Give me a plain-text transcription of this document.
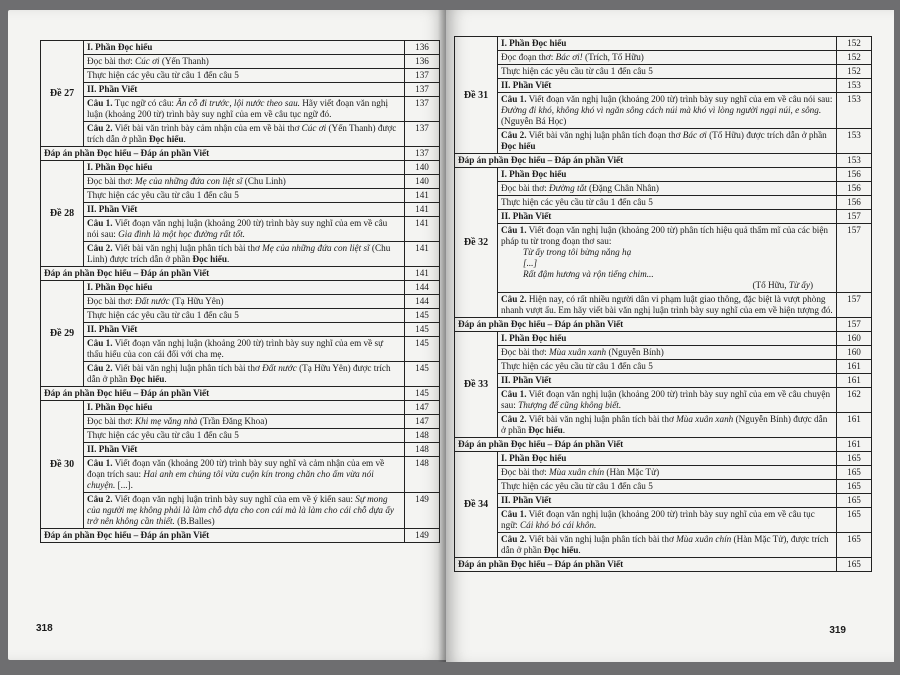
Đề 27	I. Phần Đọc hiểu	136
	Đọc bài thơ: Cúc ơi (Yến Thanh)	136
	Thực hiện các yêu cầu từ câu 1 đến câu 5	137
	II. Phần Viết	137
	Câu 1. Tục ngữ có câu: Ăn cỗ đi trước, lội nước theo sau. Hãy viết đoạn văn nghị luận (khoảng 200 từ) trình bày suy nghĩ của em về câu tục ngữ đó.	137
	Câu 2. Viết bài văn trình bày cảm nhận của em về bài thơ Cúc ơi (Yến Thanh) được trích dẫn ở phần Đọc hiểu.	137
Đáp án phần Đọc hiểu – Đáp án phần Viết		137
Đề 28	I. Phần Đọc hiểu	140
	Đọc bài thơ: Mẹ của những đứa con liệt sĩ (Chu Linh)	140
	Thực hiện các yêu cầu từ câu 1 đến câu 5	141
	II. Phần Viết	141
	Câu 1. Viết đoạn văn nghị luận (khoảng 200 từ) trình bày suy nghĩ của em về câu nói sau: Gia đình là một học đường rất tốt.	141
	Câu 2. Viết bài văn nghị luận phân tích bài thơ Mẹ của những đứa con liệt sĩ (Chu Linh) được trích dẫn ở phần Đọc hiểu.	141
Đáp án phần Đọc hiểu – Đáp án phần Viết		141
Đề 29	I. Phần Đọc hiểu	144
	Đọc bài thơ: Đất nước (Tạ Hữu Yên)	144
	Thực hiện các yêu cầu từ câu 1 đến câu 5	145
	II. Phần Viết	145
	Câu 1. Viết đoạn văn nghị luận (khoảng 200 từ) trình bày suy nghĩ của em về sự thấu hiểu của con cái đối với cha mẹ.	145
	Câu 2. Viết bài văn nghị luận phân tích bài thơ Đất nước (Tạ Hữu Yên) được trích dẫn ở phần Đọc hiểu.	145
Đáp án phần Đọc hiểu – Đáp án phần Viết		145
Đề 30	I. Phần Đọc hiểu	147
	Đọc bài thơ: Khi mẹ vắng nhà (Trần Đăng Khoa)	147
	Thực hiện các yêu cầu từ câu 1 đến câu 5	148
	II. Phần Viết	148
	Câu 1. Viết đoạn văn (khoảng 200 từ) trình bày suy nghĩ và cảm nhận của em về đoạn trích sau: Hai anh em chúng tôi vừa cuộn kín trong chăn cho ấm vừa nói chuyện. [...].	148
	Câu 2. Viết đoạn văn nghị luận trình bày suy nghĩ của em về ý kiến sau: Sự mong của người mẹ không phải là làm chỗ dựa cho con cái mà là làm cho cái chỗ dựa ấy trở nên không cần thiết. (B.Balles)	149
Đáp án phần Đọc hiểu – Đáp án phần Viết		149
318
Đề 31	I. Phần Đọc hiểu	152
	Đọc đoạn thơ: Bác ơi! (Trích, Tố Hữu)	152
	Thực hiện các yêu cầu từ câu 1 đến câu 5	152
	II. Phần Viết	153
	Câu 1. Viết đoạn văn nghị luận (khoảng 200 từ) trình bày suy nghĩ của em về câu nói sau: Đường đi khó, không khó vì ngăn sông cách núi mà khó vì lòng người ngại núi, e sông. (Nguyễn Bá Học)	153
	Câu 2. Viết bài văn nghị luận phân tích đoạn thơ Bác ơi (Tố Hữu) được trích dẫn ở phần Đọc hiểu	153
Đáp án phần Đọc hiểu – Đáp án phần Viết		153
Đề 32	I. Phần Đọc hiểu	156
	Đọc bài thơ: Đường tắt (Đặng Chân Nhân)	156
	Thực hiện các yêu cầu từ câu 1 đến câu 5	156
	II. Phần Viết	157
	Câu 1. Viết đoạn văn nghị luận (khoảng 200 từ) phân tích hiệu quả thẩm mĩ của các biện pháp tu từ trong đoạn thơ sau:
Từ ấy trong tôi bừng nắng hạ
[...]
Rất đậm hương và rộn tiếng chim...
(Tố Hữu, Từ ấy)	157
	Câu 2. Hiện nay, có rất nhiều người dân vi phạm luật giao thông, đặc biệt là vượt phòng nhanh vượt ẩu. Em hãy viết bài văn nghị luận trình bày suy nghĩ của em về hiện tượng đó.	157
Đáp án phần Đọc hiểu – Đáp án phần Viết		157
Đề 33	I. Phần Đọc hiểu	160
	Đọc bài thơ: Mùa xuân xanh (Nguyễn Bính)	160
	Thực hiện các yêu cầu từ câu 1 đến câu 5	161
	II. Phần Viết	161
	Câu 1. Viết đoạn văn nghị luận (khoảng 200 từ) trình bày suy nghĩ của em về câu chuyện sau: Thượng đế cũng không biết.	162
	Câu 2. Viết bài văn nghị luận phân tích bài thơ Mùa xuân xanh (Nguyễn Bính) được dẫn ở phần Đọc hiểu.	161
Đáp án phần Đọc hiểu – Đáp án phần Viết		161
Đề 34	I. Phần Đọc hiểu	165
	Đọc bài thơ: Mùa xuân chín (Hàn Mặc Tử)	165
	Thực hiện các yêu cầu từ câu 1 đến câu 5	165
	II. Phần Viết	165
	Câu 1. Viết đoạn văn nghị luận (khoảng 200 từ) trình bày suy nghĩ của em về câu tục ngữ: Cái khó bó cái khôn.	165
	Câu 2. Viết bài văn nghị luận phân tích bài thơ Mùa xuân chín (Hàn Mặc Tử), được trích dẫn ở phần Đọc hiểu.	165
Đáp án phần Đọc hiểu – Đáp án phần Viết		165
319
